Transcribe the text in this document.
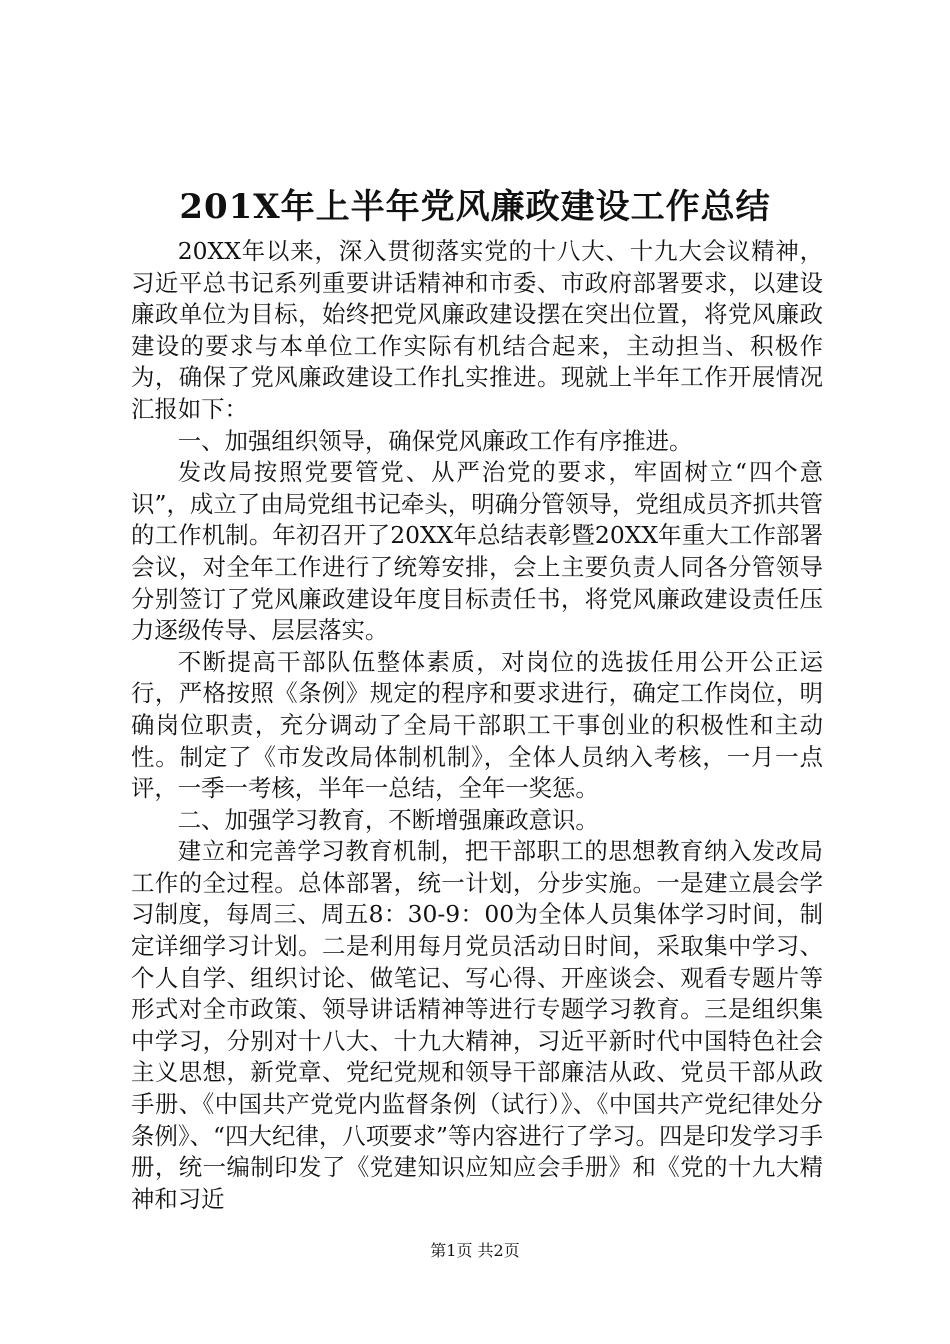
201X年上半年党风廉政建设工作总结

20XX年以来，深入贯彻落实党的十八大、十九大会议精神，习近平总书记系列重要讲话精神和市委、市政府部署要求，以建设廉政单位为目标，始终把党风廉政建设摆在突出位置，将党风廉政建设的要求与本单位工作实际有机结合起来，主动担当、积极作为，确保了党风廉政建设工作扎实推进。现就上半年工作开展情况汇报如下：

一、加强组织领导，确保党风廉政工作有序推进。

发改局按照党要管党、从严治党的要求，牢固树立“四个意识”，成立了由局党组书记牵头，明确分管领导，党组成员齐抓共管的工作机制。年初召开了20XX年总结表彰暨20XX年重大工作部署会议，对全年工作进行了统筹安排，会上主要负责人同各分管领导分别签订了党风廉政建设年度目标责任书，将党风廉政建设责任压力逐级传导、层层落实。

不断提高干部队伍整体素质，对岗位的选拔任用公开公正运行，严格按照《条例》规定的程序和要求进行，确定工作岗位，明确岗位职责，充分调动了全局干部职工干事创业的积极性和主动性。制定了《市发改局体制机制》，全体人员纳入考核，一月一点评，一季一考核，半年一总结，全年一奖惩。

二、加强学习教育，不断增强廉政意识。

建立和完善学习教育机制，把干部职工的思想教育纳入发改局工作的全过程。总体部署，统一计划，分步实施。一是建立晨会学习制度，每周三、周五8：30-9：00为全体人员集体学习时间，制定详细学习计划。二是利用每月党员活动日时间，采取集中学习、个人自学、组织讨论、做笔记、写心得、开座谈会、观看专题片等形式对全市政策、领导讲话精神等进行专题学习教育。三是组织集中学习，分别对十八大、十九大精神，习近平新时代中国特色社会主义思想，新党章、党纪党规和领导干部廉洁从政、党员干部从政手册、《中国共产党党内监督条例（试行）》、《中国共产党纪律处分条例》、“四大纪律，八项要求”等内容进行了学习。四是印发学习手册，统一编制印发了《党建知识应知应会手册》和《党的十九大精神和习近

第1页 共2页
